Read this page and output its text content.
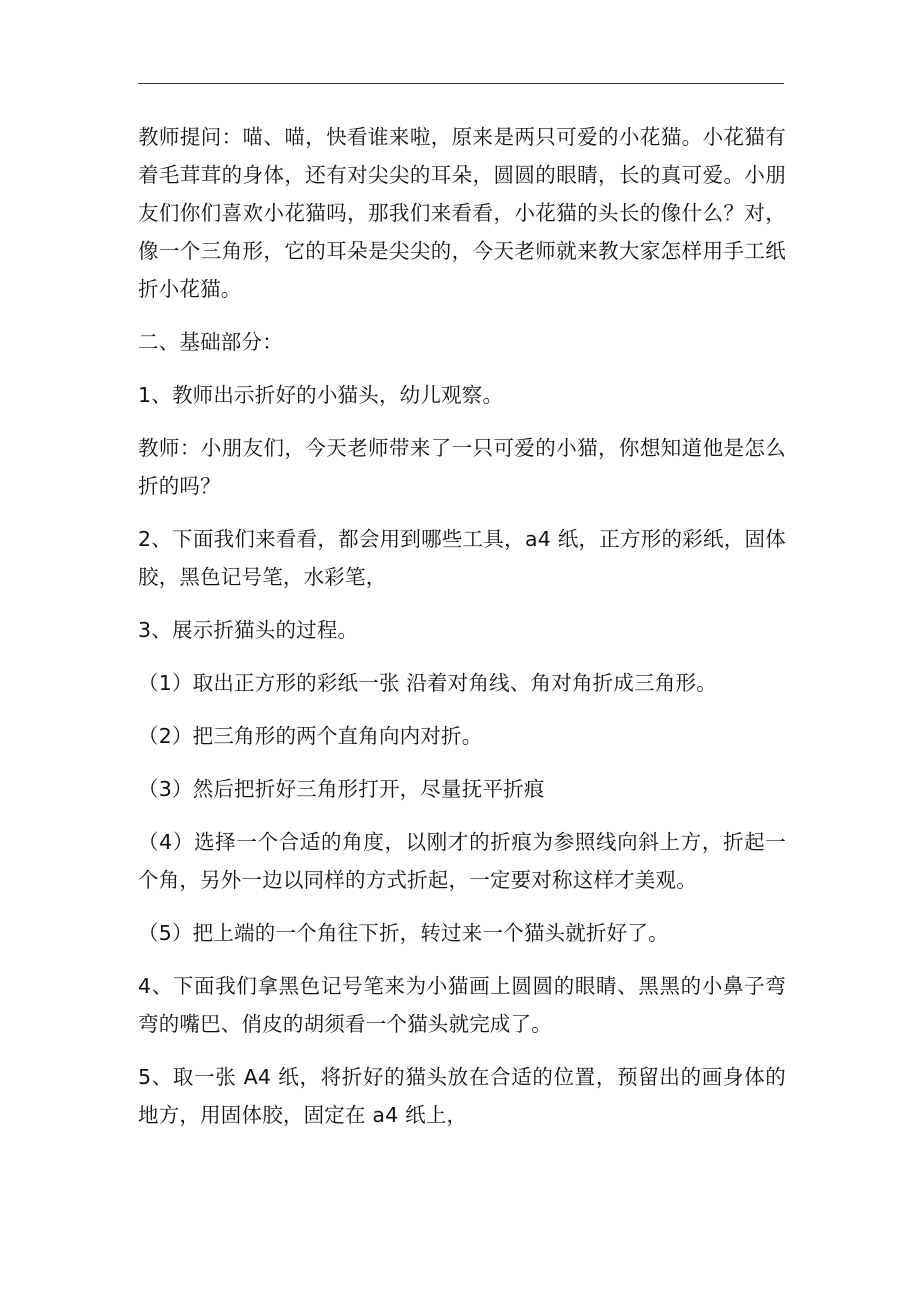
教师提问：喵、喵，快看谁来啦，原来是两只可爱的小花猫。小花猫有着毛茸茸的身体，还有对尖尖的耳朵，圆圆的眼睛，长的真可爱。小朋友们你们喜欢小花猫吗，那我们来看看，小花猫的头长的像什么？对，像一个三角形，它的耳朵是尖尖的，今天老师就来教大家怎样用手工纸折小花猫。

二、基础部分：

1、教师出示折好的小猫头，幼儿观察。

教师：小朋友们，今天老师带来了一只可爱的小猫，你想知道他是怎么折的吗？

2、下面我们来看看，都会用到哪些工具，a4 纸，正方形的彩纸，固体胶，黑色记号笔，水彩笔，

3、展示折猫头的过程。

（1）取出正方形的彩纸一张 沿着对角线、角对角折成三角形。

（2）把三角形的两个直角向内对折。

（3）然后把折好三角形打开，尽量抚平折痕

（4）选择一个合适的角度，以刚才的折痕为参照线向斜上方，折起一个角，另外一边以同样的方式折起，一定要对称这样才美观。

（5）把上端的一个角往下折，转过来一个猫头就折好了。

4、下面我们拿黑色记号笔来为小猫画上圆圆的眼睛、黑黑的小鼻子弯弯的嘴巴、俏皮的胡须看一个猫头就完成了。

5、取一张 A4 纸，将折好的猫头放在合适的位置，预留出的画身体的地方，用固体胶，固定在 a4 纸上，
